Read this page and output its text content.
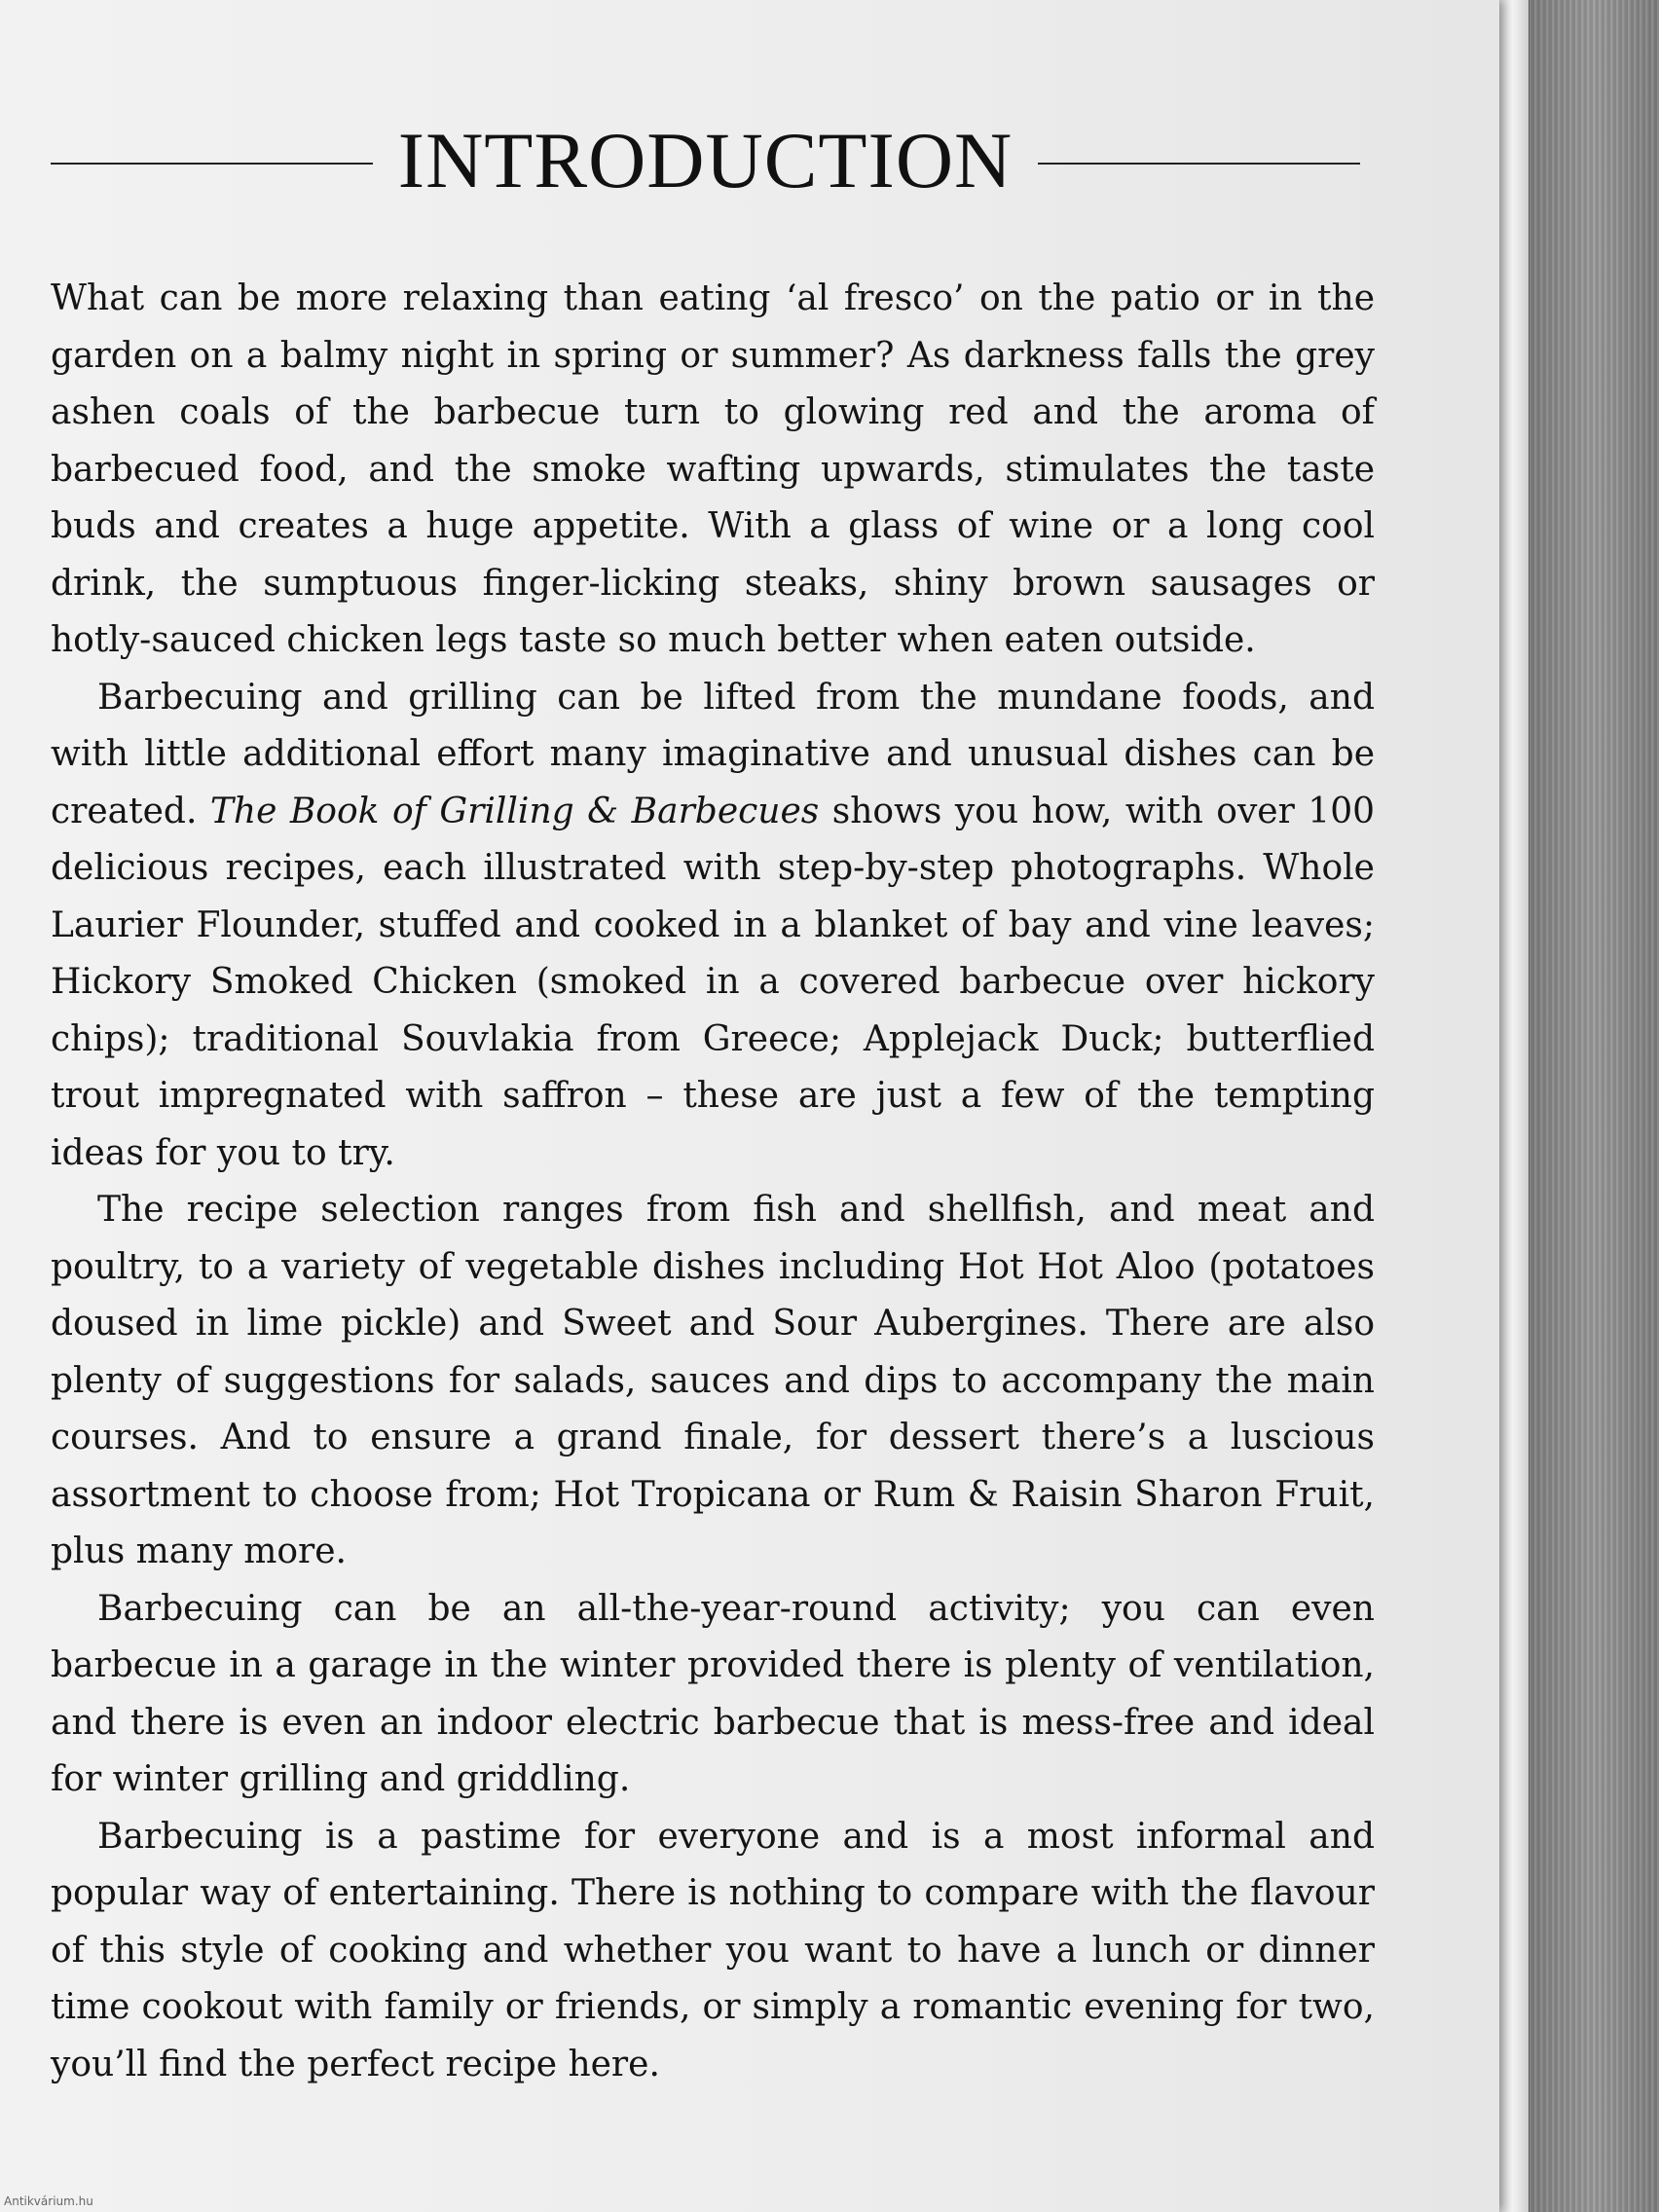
INTRODUCTION

What can be more relaxing than eating ‘al fresco’ on the patio or in the garden on a balmy night in spring or summer? As darkness falls the grey ashen coals of the barbecue turn to glowing red and the aroma of barbecued food, and the smoke wafting upwards, stimulates the taste buds and creates a huge appetite. With a glass of wine or a long cool drink, the sumptuous finger-licking steaks, shiny brown sausages or hotly-sauced chicken legs taste so much better when eaten outside.

Barbecuing and grilling can be lifted from the mundane foods, and with little additional effort many imaginative and unusual dishes can be created. The Book of Grilling & Barbecues shows you how, with over 100 delicious recipes, each illustrated with step-by-step photographs. Whole Laurier Flounder, stuffed and cooked in a blanket of bay and vine leaves; Hickory Smoked Chicken (smoked in a covered barbecue over hickory chips); traditional Souvlakia from Greece; Applejack Duck; butterflied trout impregnated with saffron – these are just a few of the tempting ideas for you to try.

The recipe selection ranges from fish and shellfish, and meat and poultry, to a variety of vegetable dishes including Hot Hot Aloo (potatoes doused in lime pickle) and Sweet and Sour Aubergines. There are also plenty of suggestions for salads, sauces and dips to accompany the main courses. And to ensure a grand finale, for dessert there’s a luscious assortment to choose from; Hot Tropicana or Rum & Raisin Sharon Fruit, plus many more.

Barbecuing can be an all-the-year-round activity; you can even barbecue in a garage in the winter provided there is plenty of ventilation, and there is even an indoor electric barbecue that is mess-free and ideal for winter grilling and griddling.

Barbecuing is a pastime for everyone and is a most informal and popular way of entertaining. There is nothing to compare with the flavour of this style of cooking and whether you want to have a lunch or dinner time cookout with family or friends, or simply a romantic evening for two, you’ll find the perfect recipe here.

Antikvárium.hu
